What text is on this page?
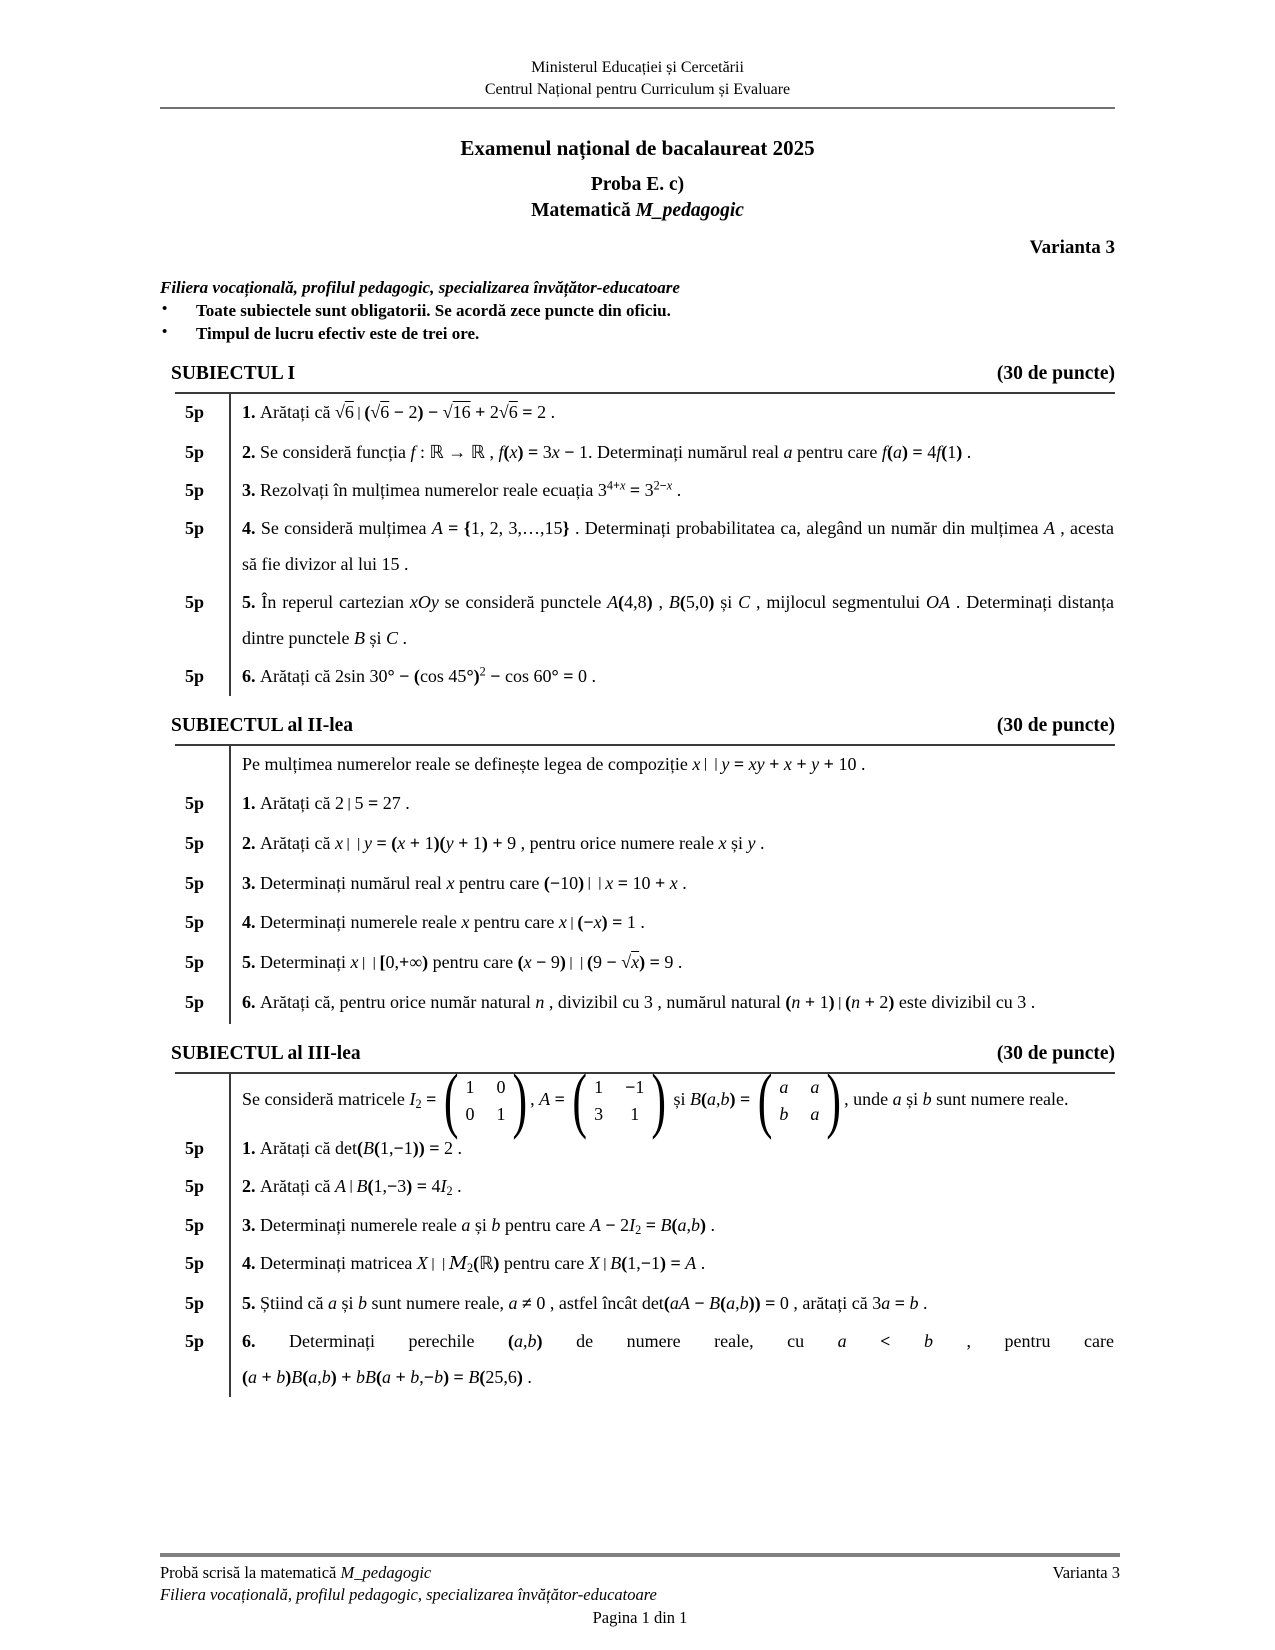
Ministerul Educației și Cercetării
Centrul Național pentru Curriculum și Evaluare
Examenul național de bacalaureat 2025
Proba E. c)
Matematică M_pedagogic
Varianta 3
Filiera vocațională, profilul pedagogic, specializarea învățător-educatoare
•	Toate subiectele sunt obligatorii. Se acordă zece puncte din oficiu.
•	Timpul de lucru efectiv este de trei ore.
SUBIECTUL I	(30 de puncte)
5p	1. Arătați că √6 ∣ (√6 − 2) − √16 + 2√6 = 2 .
5p	2. Se consideră funcția f : ℝ → ℝ , f(x) = 3x − 1. Determinați numărul real a pentru care f(a) = 4f(1) .
5p	3. Rezolvați în mulțimea numerelor reale ecuația $3^{4+x} = 3^{2-x}$ .
5p	4. Se consideră mulțimea A = {1, 2, 3,…,15} . Determinați probabilitatea ca, alegând un număr din mulțimea A , acesta să fie divizor al lui 15 .
5p	5. În reperul cartezian xOy se consideră punctele A(4,8) , B(5,0) și C , mijlocul segmentului OA . Determinați distanța dintre punctele B și C .
5p	6. Arătați că 2sin 30° − (cos 45°)$^2$ − cos 60° = 0 .
SUBIECTUL al II-lea	(30 de puncte)
Pe mulțimea numerelor reale se definește legea de compoziție x ∣ ∣ y = xy + x + y + 10 .
5p	1. Arătați că 2 ∣ 5 = 27 .
5p	2. Arătați că x ∣ ∣ y = (x + 1)(y + 1) + 9 , pentru orice numere reale x și y .
5p	3. Determinați numărul real x pentru care (−10) ∣ ∣ x = 10 + x .
5p	4. Determinați numerele reale x pentru care x ∣ (−x) = 1 .
5p	5. Determinați x ∣ ∣ [0,+∞) pentru care (x − 9) ∣ ∣ (9 − √x) = 9 .
5p	6. Arătați că, pentru orice număr natural n , divizibil cu 3 , numărul natural (n + 1) ∣ (n + 2) este divizibil cu 3 .
SUBIECTUL al III-lea	(30 de puncte)
Se consideră matricele $I_2$ = ( 1 0
0 1 ) , A = ( 1 −1
3 1 ) și B(a,b) = ( a a
b a ) , unde a și b sunt numere reale.
5p	1. Arătați că det(B(1,−1)) = 2 .
5p	2. Arătați că A ∣ $B(1,-3) = 4I_2$ .
5p	3. Determinați numerele reale a și b pentru care $A - 2I_2 = B(a,b)$ .
5p	4. Determinați matricea X ∣ ∣ $M_2(ℝ)$ pentru care X ∣ B(1,−1) = A .
5p	5. Știind că a și b sunt numere reale, a ≠ 0 , astfel încât det(aA − B(a,b)) = 0 , arătați că 3a = b .
5p	6. Determinați perechile (a,b) de numere reale, cu a < b , pentru care
(a + b)B(a,b) + bB(a + b,−b) = B(25,6) .
Probă scrisă la matematică M_pedagogic	Varianta 3
Filiera vocațională, profilul pedagogic, specializarea învățător-educatoare
Pagina 1 din 1
